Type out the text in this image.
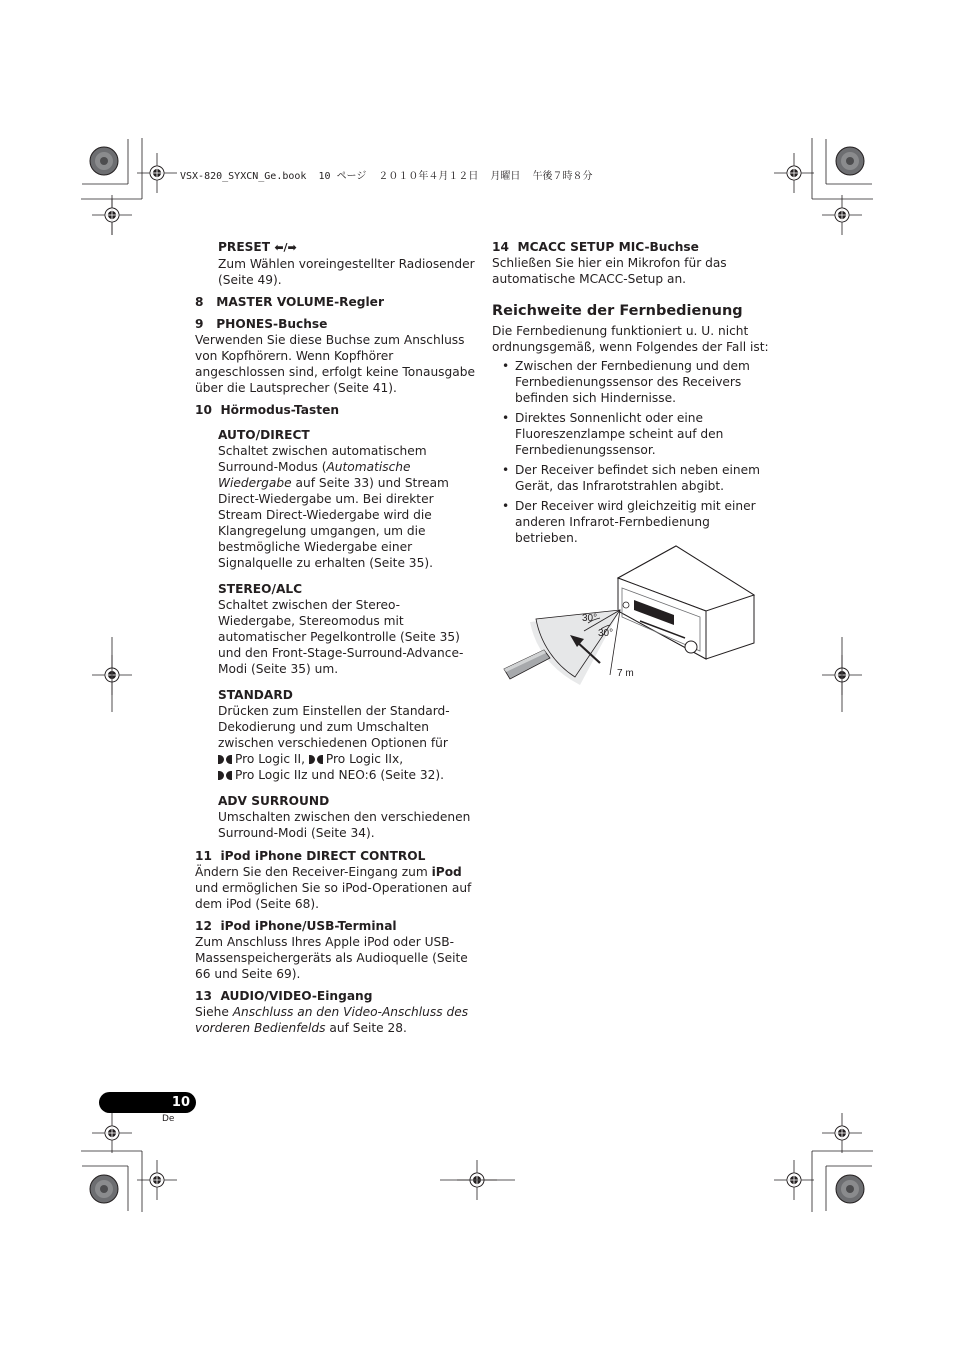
VSX-820_SYXCN_Ge.book  10 ページ  ２０１０年４月１２日  月曜日  午後７時８分
PRESET ⬅/➡

Zum Wählen voreingestellter Radiosender (Seite 49).

8   MASTER VOLUME-Regler
9   PHONES-Buchse

Verwenden Sie diese Buchse zum Anschluss von Kopfhörern. Wenn Kopfhörer angeschlossen sind, erfolgt keine Tonausgabe über die Lautsprecher (Seite 41).

10  Hörmodus-Tasten
AUTO/DIRECT

Schaltet zwischen automatischem Surround-Modus (Automatische Wiedergabe auf Seite 33) und Stream Direct-Wiedergabe um. Bei direkter Stream Direct-Wiedergabe wird die Klangregelung umgangen, um die bestmögliche Wiedergabe einer Signalquelle zu erhalten (Seite 35).

STEREO/ALC

Schaltet zwischen der Stereo-Wiedergabe, Stereomodus mit automatischer Pegelkontrolle (Seite 35) und den Front-Stage-Surround-Advance-Modi (Seite 35) um.

STANDARD

Drücken zum Einstellen der Standard-Dekodierung und zum Umschalten zwischen verschiedenen Optionen für
Pro Logic II, Pro Logic IIx,
Pro Logic IIz und NEO:6 (Seite 32).

ADV SURROUND

Umschalten zwischen den verschiedenen Surround-Modi (Seite 34).

11  iPod iPhone DIRECT CONTROL

Ändern Sie den Receiver-Eingang zum iPod und ermöglichen Sie so iPod-Operationen auf dem iPod (Seite 68).

12  iPod iPhone/USB-Terminal

Zum Anschluss Ihres Apple iPod oder USB-Massenspeichergeräts als Audioquelle (Seite 66 und Seite 69).

13  AUDIO/VIDEO-Eingang

Siehe Anschluss an den Video-Anschluss des vorderen Bedienfelds auf Seite 28.

14  MCACC SETUP MIC-Buchse

Schließen Sie hier ein Mikrofon für das automatische MCACC-Setup an.

Reichweite der Fernbedienung

Die Fernbedienung funktioniert u. U. nicht ordnungsgemäß, wenn Folgendes der Fall ist:

• Zwischen der Fernbedienung und dem Fernbedienungssensor des Receivers befinden sich Hindernisse.
• Direktes Sonnenlicht oder eine Fluoreszenzlampe scheint auf den Fernbedienungssensor.
• Der Receiver befindet sich neben einem Gerät, das Infrarotstrahlen abgibt.
• Der Receiver wird gleichzeitig mit einer anderen Infrarot-Fernbedienung betrieben.
30°
30°
7 m
10
De
